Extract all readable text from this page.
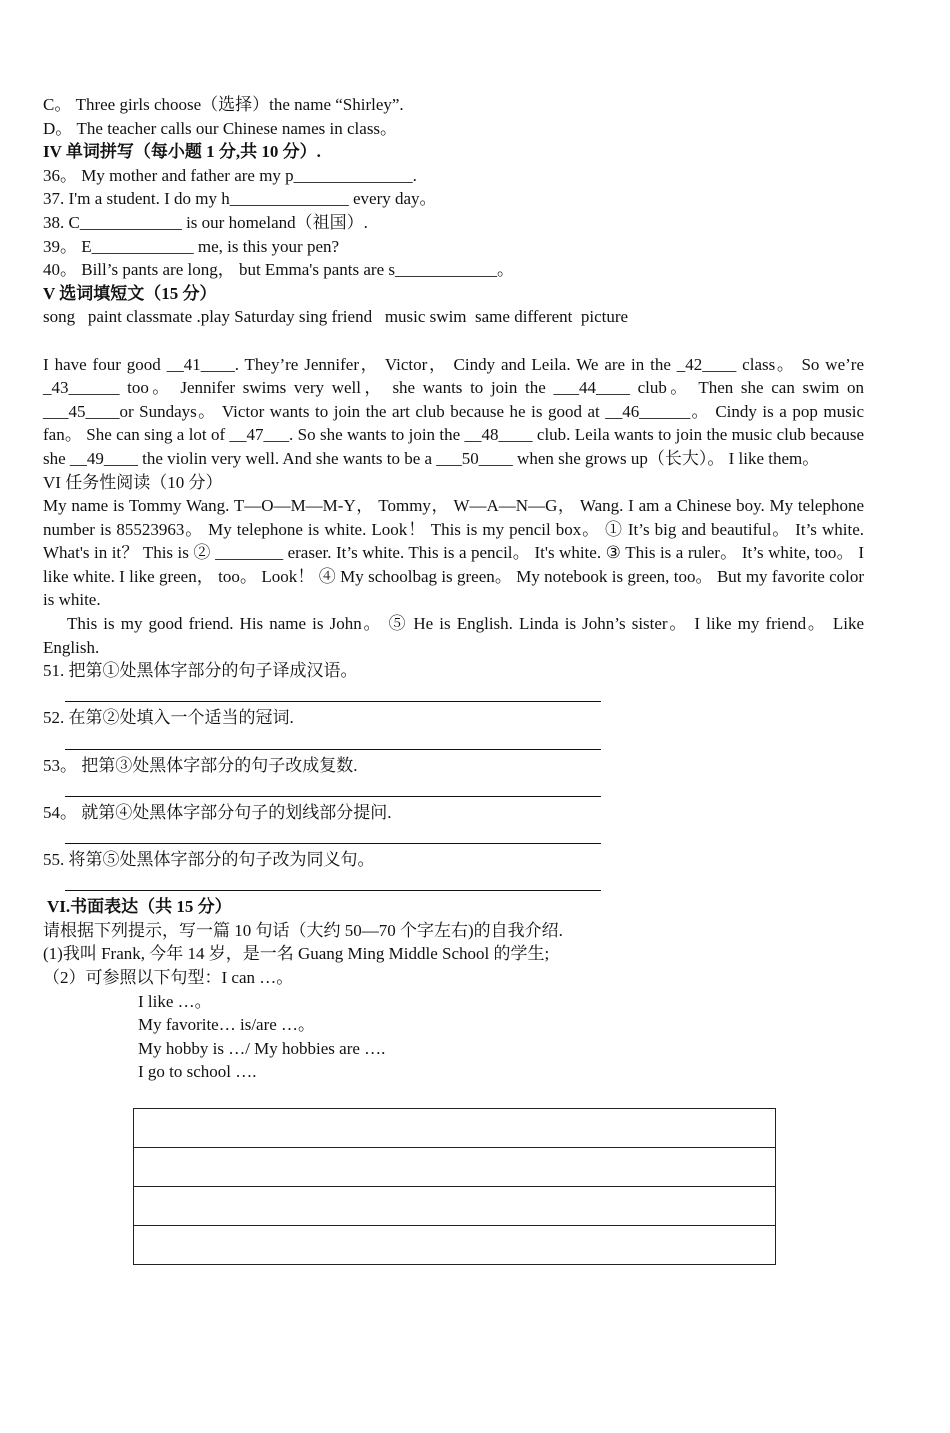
C。 Three girls choose（选择）the name “Shirley”.
D。 The teacher calls our Chinese names in class。
IV 单词拼写（每小题 1 分,共 10 分）.
36。 My mother and father are my p______________.
37. I'm a student. I do my h______________ every day。
38. C____________ is our homeland（祖国）.
39。 E____________ me, is this your pen?
40。 Bill’s pants are long， but Emma's pants are s____________。
V 选词填短文（15 分）
song   paint classmate .play Saturday sing friend   music swim  same different  picture

I have four good __41____. They’re Jennifer， Victor， Cindy and Leila. We are in the _42____ class。 So we’re _43______ too。 Jennifer swims very well， she wants to join the ___44____ club。 Then she can swim on ___45____or Sundays。 Victor wants to join the art club because he is good at __46______。 Cindy is a pop music fan。 She can sing a lot of __47___. So she wants to join the __48____ club. Leila wants to join the music club because she __49____ the violin very well. And she wants to be a ___50____ when she grows up（长大）。 I like them。
VI 任务性阅读（10 分）
My name is Tommy Wang. T—O—M—M-Y， Tommy， W—A—N—G， Wang. I am a Chinese boy. My telephone number is 85523963。 My telephone is white. Look！ This is my pencil box。 ① It’s big and beautiful。 It’s white. What's in it？ This is ② ________ eraser. It’s white. This is a pencil。 It's white. ③ This is a ruler。 It’s white, too。 I like white. I like green， too。 Look！ ④ My schoolbag is green。 My notebook is green, too。 But my favorite color is white.
This is my good friend. His name is John。 ⑤ He is English. Linda is John’s sister。 I like my friend。 Like English.
51. 把第①处黑体字部分的句子译成汉语。
52. 在第②处填入一个适当的冠词.
53。 把第③处黑体字部分的句子改成复数.
54。 就第④处黑体字部分句子的划线部分提问.
55. 将第⑤处黑体字部分的句子改为同义句。
VI.书面表达（共 15 分）
请根据下列提示，写一篇 10 句话（大约 50—70 个字左右)的自我介绍.
(1)我叫 Frank, 今年 14 岁，是一名 Guang Ming Middle School 的学生;
（2）可参照以下句型：I can …。
I like …。
My favorite… is/are …。
My hobby is …/ My hobbies are ….
I go to school ….
